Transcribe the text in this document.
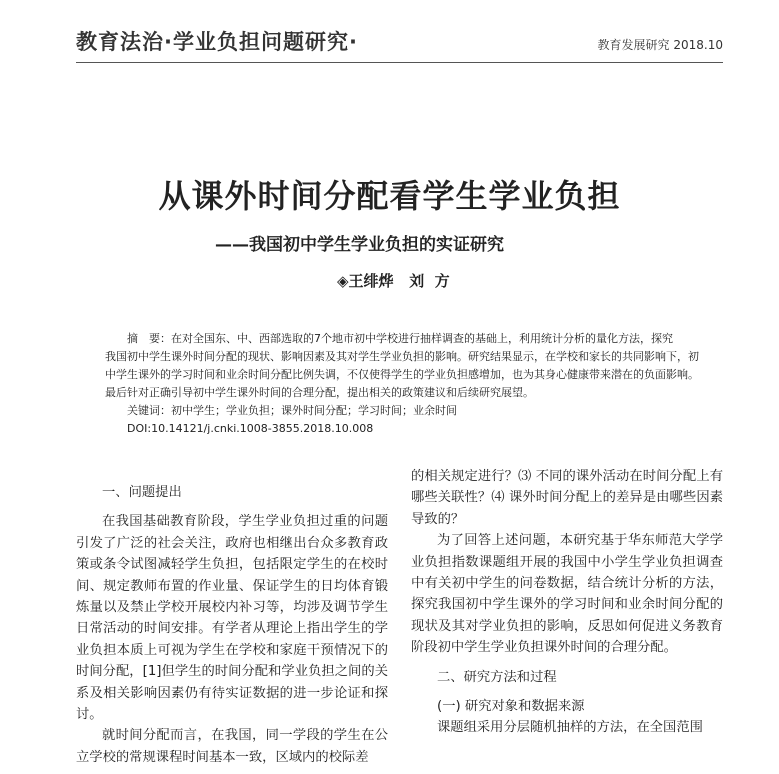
教育法治·学业负担问题研究·	教育发展研究 2018.10
从课外时间分配看学生学业负担
——我国初中学生学业负担的实证研究
◈王绯烨   刘  方

摘　要：在对全国东、中、西部选取的7个地市初中学校进行抽样调查的基础上，利用统计分析的量化方法，探究

我国初中学生课外时间分配的现状、影响因素及其对学生学业负担的影响。研究结果显示，在学校和家长的共同影响下，初中学生课外的学习时间和业余时间分配比例失调，不仅使得学生的学业负担感增加，也为其身心健康带来潜在的负面影响。最后针对正确引导初中学生课外时间的合理分配，提出相关的政策建议和后续研究展望。

关键词：初中学生；学业负担；课外时间分配；学习时间；业余时间
DOI:10.14121/j.cnki.1008-3855.2018.10.008
一、问题提出

在我国基础教育阶段，学生学业负担过重的问题引发了广泛的社会关注，政府也相继出台众多教育政策或条令试图减轻学生负担，包括限定学生的在校时间、规定教师布置的作业量、保证学生的日均体育锻炼量以及禁止学校开展校内补习等，均涉及调节学生日常活动的时间安排。有学者从理论上指出学生的学业负担本质上可视为学生在学校和家庭干预情况下的时间分配，[1]但学生的时间分配和学业负担之间的关系及相关影响因素仍有待实证数据的进一步论证和探讨。

就时间分配而言，在我国，同一学段的学生在公立学校的常规课程时间基本一致，区域内的校际差

的相关规定进行？⑶ 不同的课外活动在时间分配上有哪些关联性？⑷ 课外时间分配上的差异是由哪些因素导致的？

为了回答上述问题，本研究基于华东师范大学学业负担指数课题组开展的我国中小学生学业负担调查中有关初中学生的问卷数据，结合统计分析的方法，探究我国初中学生课外的学习时间和业余时间分配的现状及其对学业负担的影响，反思如何促进义务教育阶段初中学生学业负担课外时间的合理分配。

二、研究方法和过程
(一) 研究对象和数据来源

课题组采用分层随机抽样的方法，在全国范围
